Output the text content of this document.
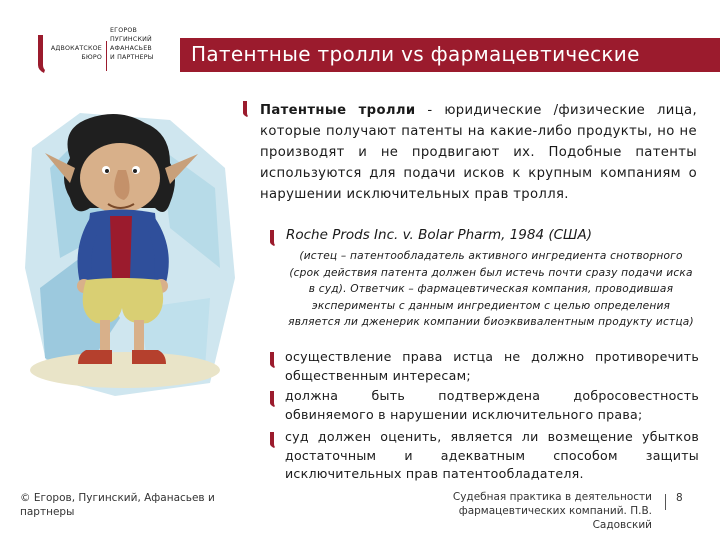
АДВОКАТСКОЕ
БЮРО
ЕГОРОВ
ПУГИНСКИЙ
АФАНАСЬЕВ
И ПАРТНЕРЫ	Патентные тролли vs фармацевтические
Патентные тролли - юридические /физические лица, которые получают патенты на какие-либо продукты, но не производят и не продвигают их. Подобные патенты используются для подачи исков к крупным компаниям о нарушении исключительных прав тролля.
Roche Prods Inc. v. Bolar Pharm, 1984 (США)
(истец – патентообладатель активного ингредиента снотворного (срок действия патента должен был истечь почти сразу подачи иска в суд). Ответчик – фармацевтическая компания, проводившая эксперименты с данным ингредиентом с целью определения является ли дженерик компании биоэквивалентным продукту истца)
осуществление права истца не должно противоречить общественным интересам;
должна быть подтверждена добросовестность обвиняемого в нарушении исключительного права;
суд должен оценить, является ли возмещение убытков достаточным и адекватным способом защиты исключительных прав патентообладателя.
© Егоров, Пугинский, Афанасьев и партнеры
Судебная практика в деятельности фармацевтических компаний. П.В. Садовский
8
